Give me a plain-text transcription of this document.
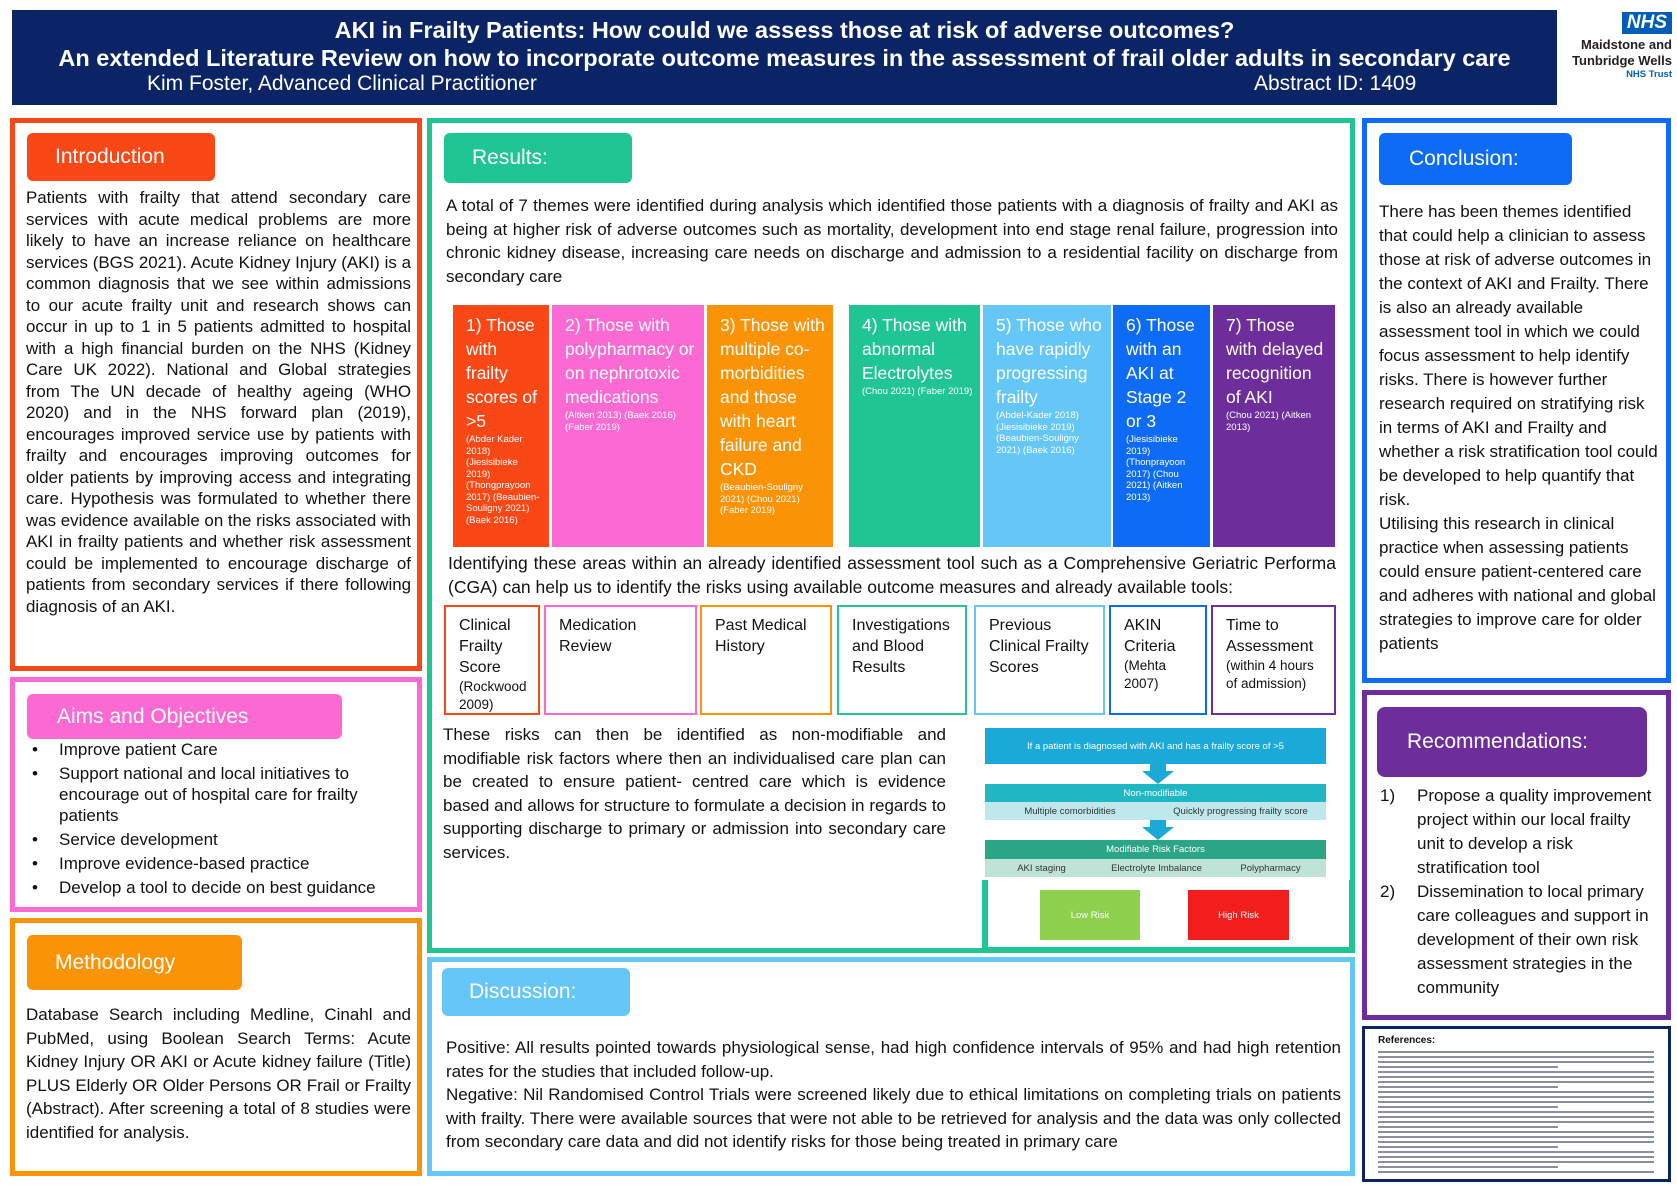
AKI in Frailty Patients: How could we assess those at risk of adverse outcomes?
An extended Literature Review on how to incorporate outcome measures in the assessment of frail older adults in secondary care
Kim Foster, Advanced Clinical Practitioner	Abstract ID: 1409
NHS
Maidstone and
Tunbridge Wells
NHS Trust
Introduction
Patients with frailty that attend secondary care services with acute medical problems are more likely to have an increase reliance on healthcare services (BGS 2021). Acute Kidney Injury (AKI) is a common diagnosis that we see within admissions to our acute frailty unit and research shows can occur in up to 1 in 5 patients admitted to hospital with a high financial burden on the NHS (Kidney Care UK 2022). National and Global strategies from The UN decade of healthy ageing (WHO 2020) and in the NHS forward plan (2019), encourages improved service use by patients with frailty and encourages improving outcomes for older patients by improving access and integrating care. Hypothesis was formulated to whether there was evidence available on the risks associated with AKI in frailty patients and whether risk assessment could be implemented to encourage discharge of patients from secondary services if there following diagnosis of an AKI.
Aims and Objectives
• Improve patient Care
• Support national and local initiatives to encourage out of hospital care for frailty patients
• Service development
• Improve evidence-based practice
• Develop a tool to decide on best guidance
Methodology
Database Search including Medline, Cinahl and PubMed, using Boolean Search Terms: Acute Kidney Injury OR AKI or Acute kidney failure (Title) PLUS Elderly OR Older Persons OR Frail or Frailty (Abstract). After screening a total of 8 studies were identified for analysis.
Results:
A total of 7 themes were identified during analysis which identified those patients with a diagnosis of frailty and AKI as being at higher risk of adverse outcomes such as mortality, development into end stage renal failure, progression into chronic kidney disease, increasing care needs on discharge and admission to a residential facility on discharge from secondary care
1) Those with frailty scores of >5
(Abder Kader 2018) (Jiesisibieke 2019) (Thongprayoon 2017) (Beaubien-Souligny 2021) (Baek 2016)
2) Those with polypharmacy or on nephrotoxic medications
(Aitken 2013) (Baek 2016) (Faber 2019)
3) Those with multiple co-morbidities and those with heart failure and CKD
(Beaubien-Souligny 2021) (Chou 2021) (Faber 2019)
4) Those with abnormal Electrolytes
(Chou 2021) (Faber 2019)
5) Those who have rapidly progressing frailty
(Abdel-Kader 2018) (Jiesisibieke 2019) (Beaubien-Souligny 2021) (Baek 2016)
6) Those with an AKI at Stage 2 or 3
(Jiesisibieke 2019) (Thonprayoon 2017) (Chou 2021) (Aitken 2013)
7) Those with delayed recognition of AKI
(Chou 2021) (Aitken 2013)
Identifying these areas within an already identified assessment tool such as a Comprehensive Geriatric Performa (CGA) can help us to identify the risks using available outcome measures and already available tools:
Clinical Frailty Score
(Rockwood 2009)
Medication Review
Past Medical History
Investigations and Blood Results
Previous Clinical Frailty Scores
AKIN Criteria
(Mehta 2007)
Time to Assessment
(within 4 hours of admission)
These risks can then be identified as non-modifiable and modifiable risk factors where then an individualised care plan can be created to ensure patient- centred care which is evidence based and allows for structure to formulate a decision in regards to supporting discharge to primary or admission into secondary care services.
If a patient is diagnosed with AKI and has a frailty score of >5
Non-modifiable
Multiple comorbidities	Quickly progressing frailty score
Modifiable Risk Factors
AKI staging	Electrolyte Imbalance	Polypharmacy
Low Risk	High Risk
Discussion:
Positive: All results pointed towards physiological sense, had high confidence intervals of 95% and had high retention rates for the studies that included follow-up.
Negative: Nil Randomised Control Trials were screened likely due to ethical limitations on completing trials on patients with frailty. There were available sources that were not able to be retrieved for analysis and the data was only collected from secondary care data and did not identify risks for those being treated in primary care
Conclusion:
There has been themes identified that could help a clinician to assess those at risk of adverse outcomes in the context of AKI and Frailty. There is also an already available assessment tool in which we could focus assessment to help identify risks. There is however further research required on stratifying risk in terms of AKI and Frailty and whether a risk stratification tool could be developed to help quantify that risk.
Utilising this research in clinical practice when assessing patients could ensure patient-centered care and adheres with national and global strategies to improve care for older patients
Recommendations:
1) Propose a quality improvement project within our local frailty unit to develop a risk stratification tool
2) Dissemination to local primary care colleagues and support in development of their own risk assessment strategies in the community
References:
